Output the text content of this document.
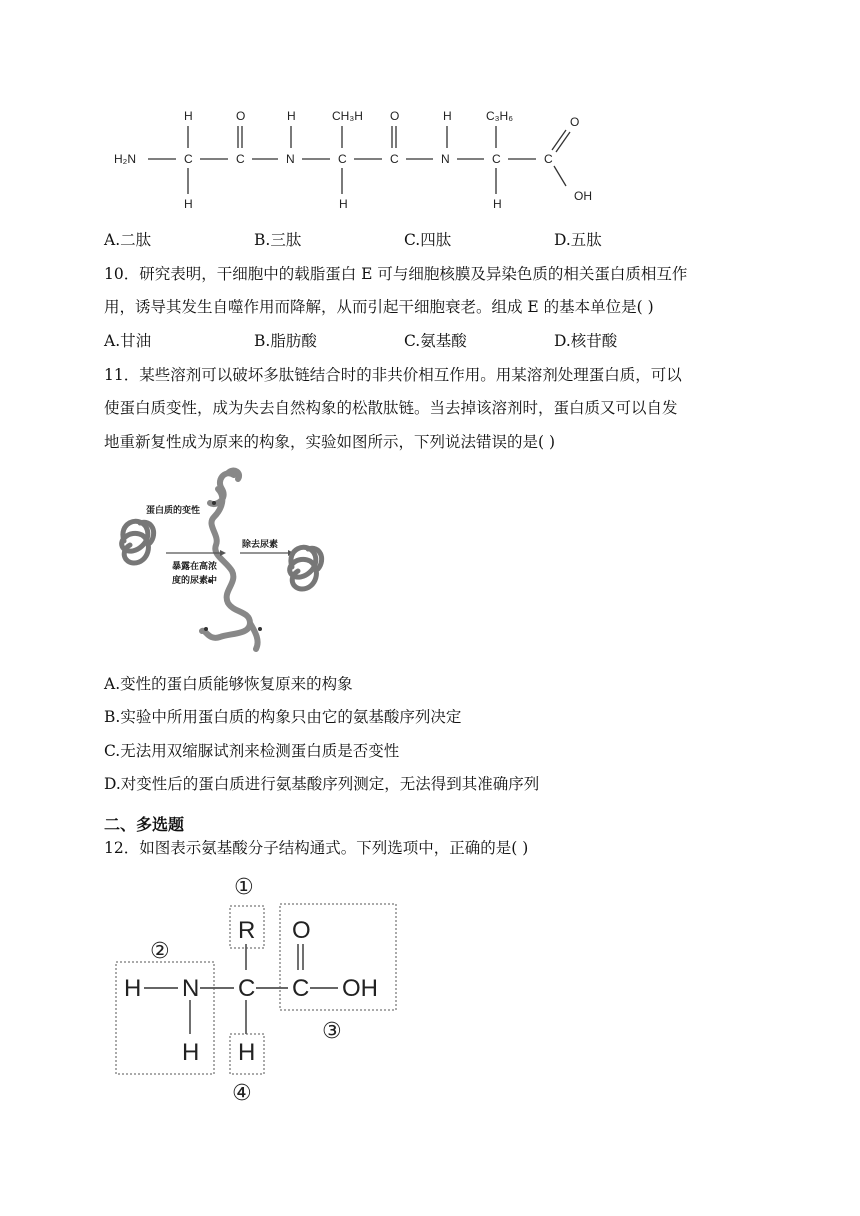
H₂N
H
C
H
O
C
H
N
CH₃H
C
H
O
C
H
N
C₃H₆
C
H
O
C
OH
A.二肽	B.三肽	C.四肽	D.五肽
10．研究表明，干细胞中的载脂蛋白 E 可与细胞核膜及异染色质的相关蛋白质相互作
用，诱导其发生自噬作用而降解，从而引起干细胞衰老。组成 E 的基本单位是( )
A.甘油	B.脂肪酸	C.氨基酸	D.核苷酸
11．某些溶剂可以破坏多肽链结合时的非共价相互作用。用某溶剂处理蛋白质，可以
使蛋白质变性，成为失去自然构象的松散肽链。当去掉该溶剂时，蛋白质又可以自发
地重新复性成为原来的构象，实验如图所示，下列说法错误的是( )
蛋白质的变性
暴露在高浓
度的尿素中
除去尿素
A.变性的蛋白质能够恢复原来的构象
B.实验中所用蛋白质的构象只由它的氨基酸序列决定
C.无法用双缩脲试剂来检测蛋白质是否变性
D.对变性后的蛋白质进行氨基酸序列测定，无法得到其准确序列
二、多选题
12．如图表示氨基酸分子结构通式。下列选项中，正确的是( )
①
②
③
④
R O
H N C C OH
H H
